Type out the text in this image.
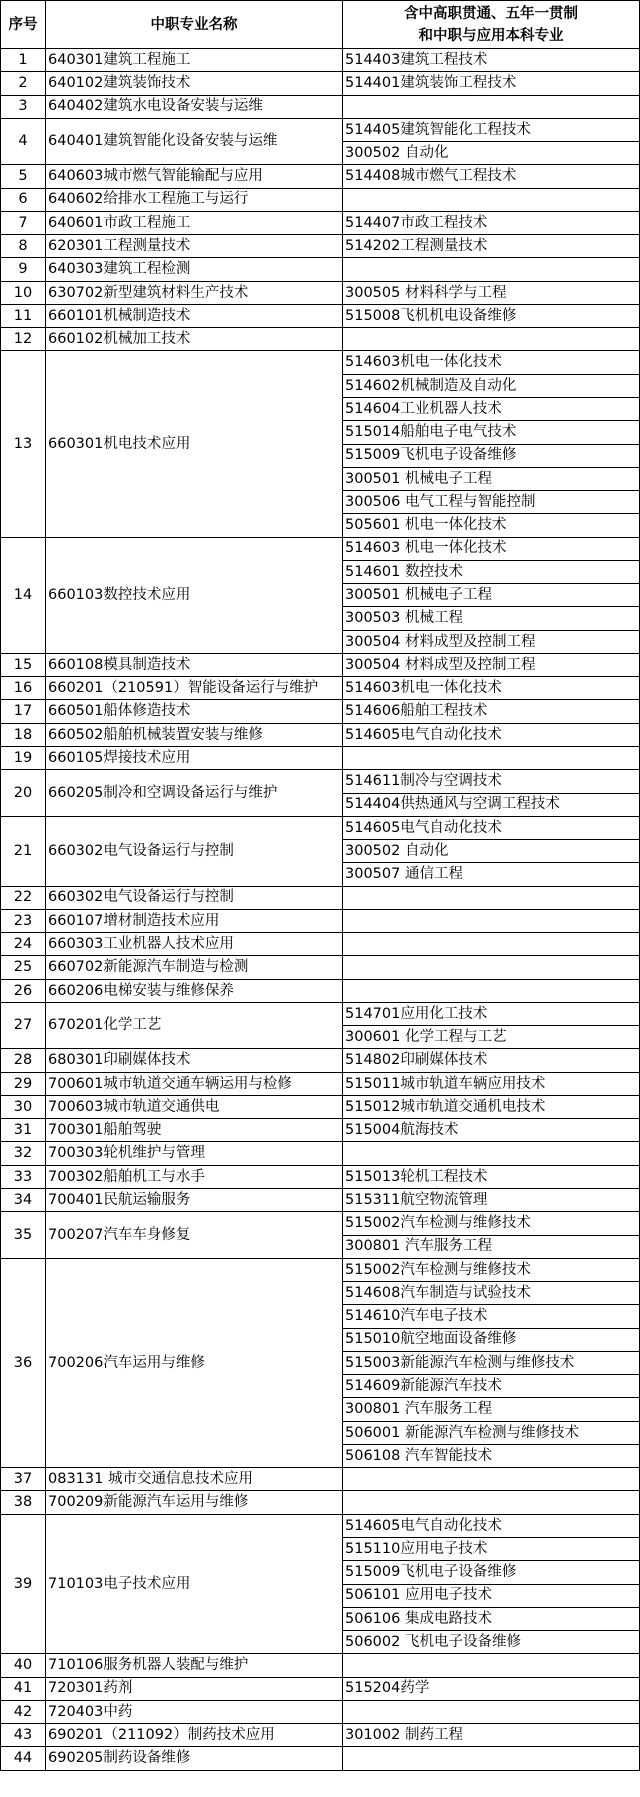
序号	中职专业名称	含中高职贯通、五年一贯制
和中职与应用本科专业
1	640301建筑工程施工	514403建筑工程技术
2	640102建筑装饰技术	514401建筑装饰工程技术
3	640402建筑水电设备安装与运维	
4	640401建筑智能化设备安装与运维	514405建筑智能化工程技术
		300502 自动化
5	640603城市燃气智能输配与应用	514408城市燃气工程技术
6	640602给排水工程施工与运行	
7	640601市政工程施工	514407市政工程技术
8	620301工程测量技术	514202工程测量技术
9	640303建筑工程检测	
10	630702新型建筑材料生产技术	300505 材料科学与工程
11	660101机械制造技术	515008飞机机电设备维修
12	660102机械加工技术	
13	660301机电技术应用	514603机电一体化技术
		514602机械制造及自动化
		514604工业机器人技术
		515014船舶电子电气技术
		515009飞机电子设备维修
		300501 机械电子工程
		300506 电气工程与智能控制
		505601 机电一体化技术
14	660103数控技术应用	514603 机电一体化技术
		514601 数控技术
		300501 机械电子工程
		300503 机械工程
		300504 材料成型及控制工程
15	660108模具制造技术	300504 材料成型及控制工程
16	660201（210591）智能设备运行与维护	514603机电一体化技术
17	660501船体修造技术	514606船舶工程技术
18	660502船舶机械装置安装与维修	514605电气自动化技术
19	660105焊接技术应用	
20	660205制冷和空调设备运行与维护	514611制冷与空调技术
		514404供热通风与空调工程技术
21	660302电气设备运行与控制	514605电气自动化技术
		300502 自动化
		300507 通信工程
22	660302电气设备运行与控制	
23	660107增材制造技术应用	
24	660303工业机器人技术应用	
25	660702新能源汽车制造与检测	
26	660206电梯安装与维修保养	
27	670201化学工艺	514701应用化工技术
		300601 化学工程与工艺
28	680301印刷媒体技术	514802印刷媒体技术
29	700601城市轨道交通车辆运用与检修	515011城市轨道车辆应用技术
30	700603城市轨道交通供电	515012城市轨道交通机电技术
31	700301船舶驾驶	515004航海技术
32	700303轮机维护与管理	
33	700302船舶机工与水手	515013轮机工程技术
34	700401民航运输服务	515311航空物流管理
35	700207汽车车身修复	515002汽车检测与维修技术
		300801 汽车服务工程
36	700206汽车运用与维修	515002汽车检测与维修技术
		514608汽车制造与试验技术
		514610汽车电子技术
		515010航空地面设备维修
		515003新能源汽车检测与维修技术
		514609新能源汽车技术
		300801 汽车服务工程
		506001 新能源汽车检测与维修技术
		506108 汽车智能技术
37	083131 城市交通信息技术应用	
38	700209新能源汽车运用与维修	
39	710103电子技术应用	514605电气自动化技术
		515110应用电子技术
		515009飞机电子设备维修
		506101 应用电子技术
		506106 集成电路技术
		506002 飞机电子设备维修
40	710106服务机器人装配与维护	
41	720301药剂	515204药学
42	720403中药	
43	690201（211092）制药技术应用	301002 制药工程
44	690205制药设备维修	
